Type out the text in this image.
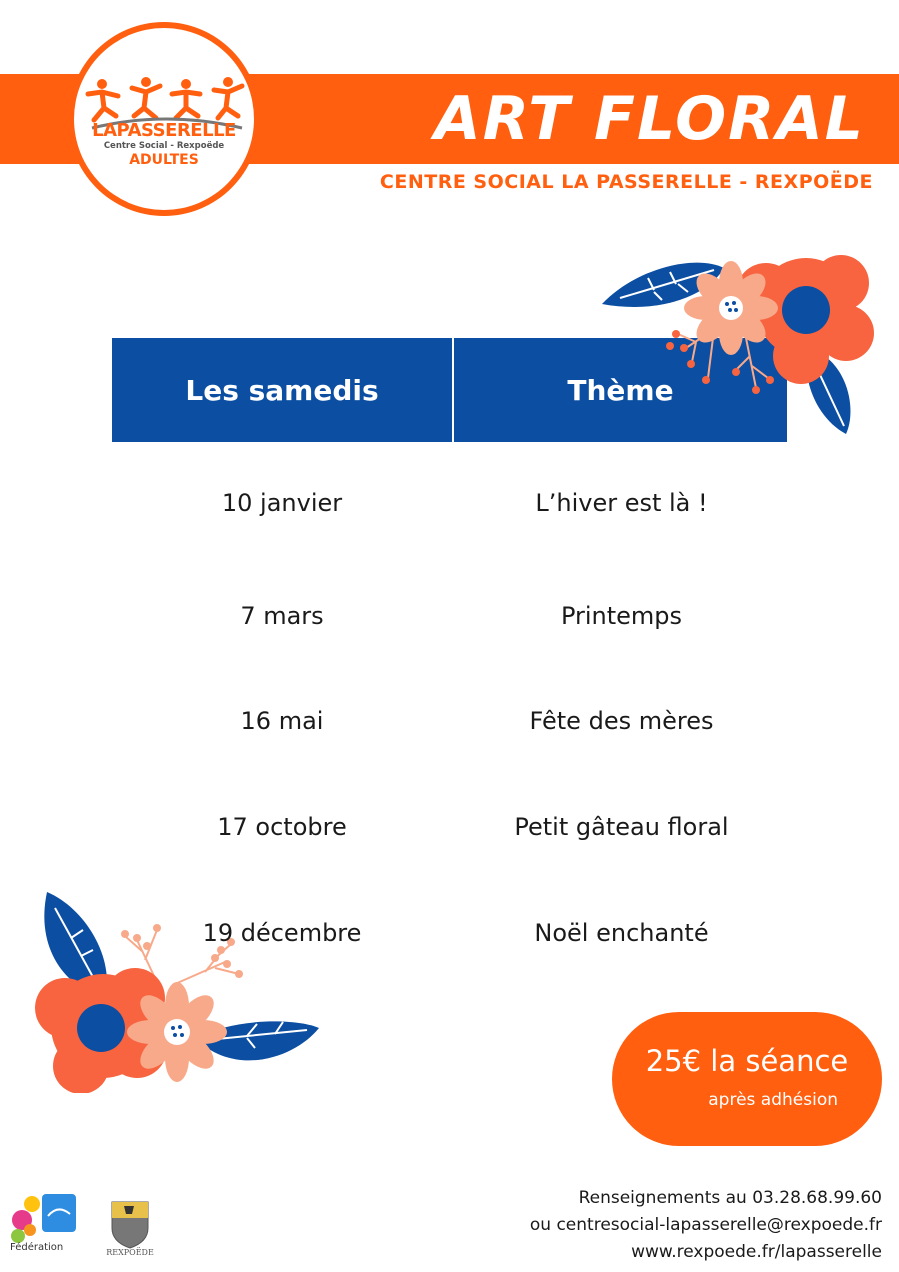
ART FLORAL
CENTRE SOCIAL LA PASSERELLE - REXPOËDE
LAPASSERELLE
Centre Social - Rexpoëde
ADULTES
Les samedis	Thème
10 janvier	L’hiver est là !
7 mars	Printemps
16 mai	Fête des mères
17 octobre	Petit gâteau floral
19 décembre	Noël enchanté
25€ la séance
après adhésion
Renseignements au 03.28.68.99.60
ou centresocial-lapasserelle@rexpoede.fr
www.rexpoede.fr/lapasserelle
Fédération	REXPOËDE
